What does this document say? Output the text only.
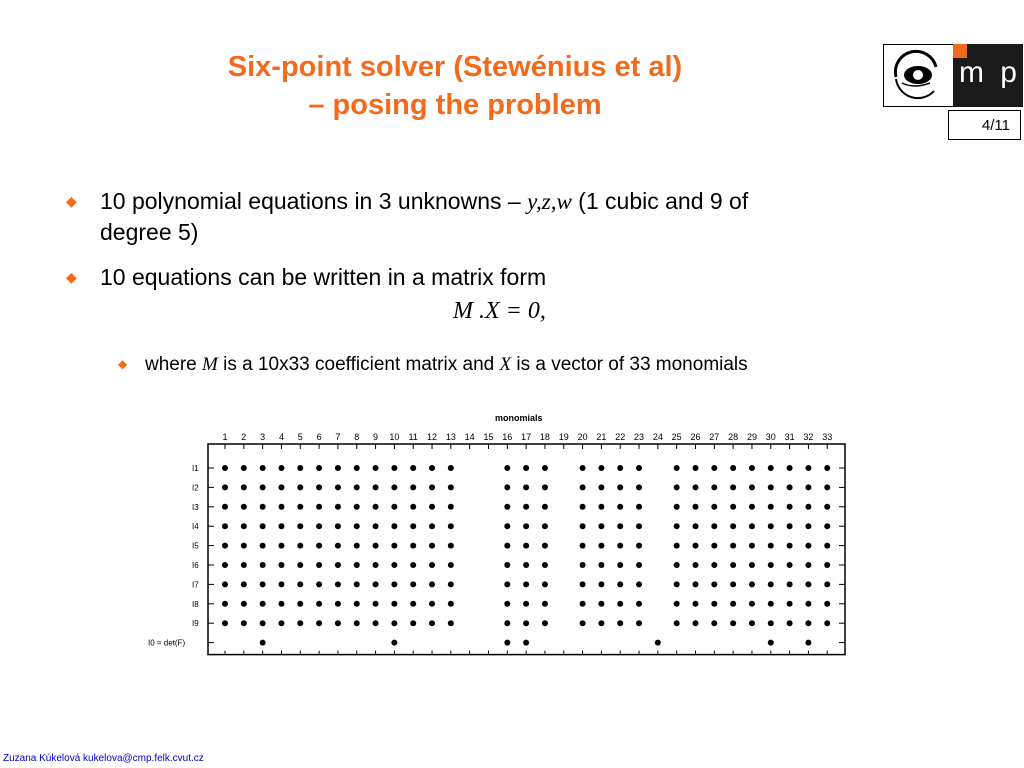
Six-point solver (Stewénius et al)
– posing the problem
m p
4/11
◆ 10 polynomial equations in 3 unknowns – y,z,w (1 cubic and 9 of
degree 5)
◆ 10 equations can be written in a matrix form
M .X = 0,
◆ where M is a 10x33 coefficient matrix and X is a vector of 33 monomials
monomials
1 2 3 4 5 6 7 8 9 10 11 12 13 14 15 16 17 18 19 20 21 22 23 24 25 26 27 28 29 30 31 32 33
I1
I2
I3
I4
I5
I6
I7
I8
I9
I0 = det(F)
Zuzana Kúkelová kukelova@cmp.felk.cvut.cz
